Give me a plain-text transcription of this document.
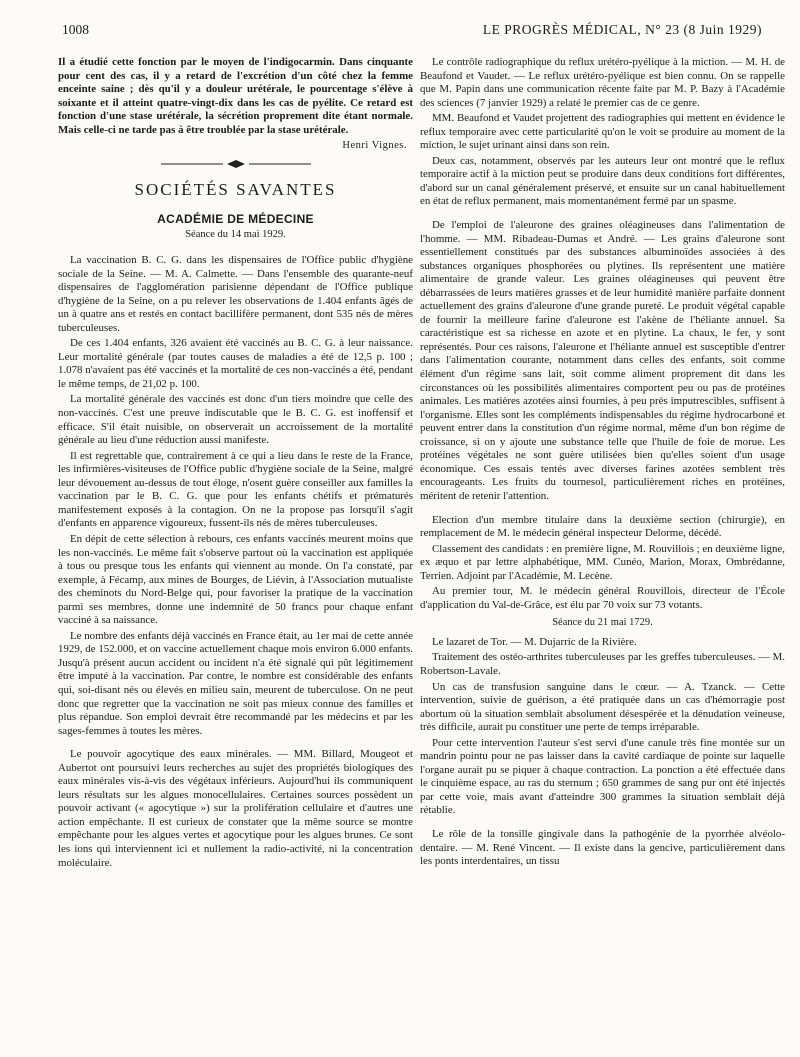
1008	LE PROGRÈS MÉDICAL, N° 23 (8 Juin 1929)

Il a étudié cette fonction par le moyen de l'indigocarmin. Dans cinquante pour cent des cas, il y a retard de l'excrétion d'un côté chez la femme enceinte saine ; dès qu'il y a douleur urétérale, le pourcentage s'élève à soixante et il atteint quatre-vingt-dix dans les cas de pyélite. Ce retard est fonction d'une stase urétérale, la sécrétion proprement dite étant normale. Mais celle-ci ne tarde pas à être troublée par la stase urétérale.

Henri Vignes.
SOCIÉTÉS SAVANTES
ACADÉMIE DE MÉDECINE
Séance du 14 mai 1929.

La vaccination B. C. G. dans les dispensaires de l'Office public d'hygiène sociale de la Seine. — M. A. Calmette. — Dans l'ensemble des quarante-neuf dispensaires de l'agglomération parisienne dépendant de l'Office publique d'hygiène de la Seine, on a pu relever les observations de 1.404 enfants âgés de un à quatre ans et restés en contact bacillifère permanent, dont 535 nés de mères tuberculeuses.

De ces 1.404 enfants, 326 avaient été vaccinés au B. C. G. à leur naissance. Leur mortalité générale (par toutes causes de maladies a été de 12,5 p. 100 ; 1.078 n'avaient pas été vaccinés et la mortalité de ces non-vaccinés a été, pendant le même temps, de 21,02 p. 100.

La mortalité générale des vaccinés est donc d'un tiers moindre que celle des non-vaccinés. C'est une preuve indiscutable que le B. C. G. est inoffensif et efficace. S'il était nuisible, on observerait un accroissement de la mortalité générale au lieu d'une réduction aussi manifeste.

Il est regrettable que, contrairement à ce qui a lieu dans le reste de la France, les infirmières-visiteuses de l'Office public d'hygiène sociale de la Seine, malgré leur dévouement au-dessus de tout éloge, n'osent guère conseiller aux familles la vaccination par le B. C. G. que pour les enfants chétifs et prématurés manifestement exposés à la contagion. On ne la propose pas lorsqu'il s'agit d'enfants en apparence vigoureux, fussent-ils nés de mères tuberculeuses.

En dépit de cette sélection à rebours, ces enfants vaccinés meurent moins que les non-vaccinés. Le même fait s'observe partout où la vaccination est appliquée à tous ou presque tous les enfants qui viennent au monde. On l'a constaté, par exemple, à Fécamp, aux mines de Bourges, de Liévin, à l'Association mutualiste des cheminots du Nord-Belge qui, pour favoriser la pratique de la vaccination parmi ses membres, donne une indemnité de 50 francs pour chaque enfant vacciné à sa naissance.

Le nombre des enfants déjà vaccinés en France était, au 1er mai de cette année 1929, de 152.000, et on vaccine actuellement chaque mois environ 6.000 enfants. Jusqu'à présent aucun accident ou incident n'a été signalé qui pût légitimement être imputé à la vaccination. Par contre, le nombre est considérable des enfants qui, soi-disant nés ou élevés en milieu sain, meurent de tuberculose. On ne peut donc que regretter que la vaccination ne soit pas mieux connue des familles et plus répandue. Son emploi devrait être recommandé par les médecins et par les sages-femmes à toutes les mères.

Le pouvoir agocytique des eaux minérales. — MM. Billard, Mougeot et Aubertot ont poursuivi leurs recherches au sujet des propriétés biologiques des eaux minérales vis-à-vis des végétaux inférieurs. Aujourd'hui ils communiquent leurs résultats sur les algues monocellulaires. Certaines sources possèdent un pouvoir activant (« agocytique ») sur la prolifération cellulaire et d'autres une action empêchante. Il est curieux de constater que la même source se montre empêchante pour les algues vertes et agocytique pour les algues brunes. Ce sont les ions qui interviennent ici et nullement la radio-activité, ni la concentration moléculaire.

Le contrôle radiographique du reflux urétéro-pyélique à la miction. — M. H. de Beaufond et Vaudet. — Le reflux urétéro-pyélique est bien connu. On se rappelle que M. Papin dans une communication récente faite par M. P. Bazy à l'Académie des sciences (7 janvier 1929) a relaté le premier cas de ce genre.

MM. Beaufond et Vaudet projettent des radiographies qui mettent en évidence le reflux temporaire avec cette particularité qu'on le voit se produire au moment de la miction, le sujet urinant ainsi dans son rein.

Deux cas, notamment, observés par les auteurs leur ont montré que le reflux temporaire actif à la miction peut se produire dans deux conditions fort différentes, d'abord sur un canal généralement préservé, et ensuite sur un canal habituellement en état de reflux permanent, mais momentanément fermé par un spasme.

De l'emploi de l'aleurone des graines oléagineuses dans l'alimentation de l'homme. — MM. Ribadeau-Dumas et André. — Les grains d'aleurone sont essentiellement constitués par des substances albuminoïdes associées à des substances organiques phosphorées ou plytines. Ils représentent une matière alimentaire de grande valeur. Les graines oléagineuses qui peuvent être débarrassées de leurs matières grasses et de leur humidité manière parfaite donnent actuellement des grains d'aleurone d'une grande pureté. Le produit végétal capable de fournir la meilleure farine d'aleurone est l'akène de l'héliante annuel. Sa caractéristique est sa richesse en azote et en plytine. La chaux, le fer, y sont représentés. Pour ces raisons, l'aleurone et l'héliante annuel est susceptible d'entrer dans l'alimentation courante, notamment dans celles des enfants, soit comme élément d'un régime sans lait, soit comme aliment proprement dit dans les circonstances où les possibilités alimentaires comportent peu ou pas de protéines animales. Les matières azotées ainsi fournies, à peu près imputrescibles, suffisent à l'organisme. Elles sont les compléments indispensables du régime hydrocarboné et peuvent entrer dans la constitution d'un régime normal, même d'un bon régime de croissance, si on y ajoute une substance telle que l'huile de foie de morue. Les protéines végétales ne sont guère utilisées bien qu'elles soient d'un usage économique. Ces essais tentés avec diverses farines azotées semblent très encourageants. Les fruits du tournesol, particulièrement riches en protéines, méritent de retenir l'attention.

Election d'un membre titulaire dans la deuxième section (chirurgie), en remplacement de M. le médecin général inspecteur Delorme, décédé.

Classement des candidats : en première ligne, M. Rouvillois ; en deuxième ligne, ex æquo et par lettre alphabétique, MM. Cunéo, Marion, Morax, Ombrédanne, Terrien. Adjoint par l'Académie, M. Lecène.

Au premier tour, M. le médecin général Rouvillois, directeur de l'École d'application du Val-de-Grâce, est élu par 70 voix sur 73 votants.

Séance du 21 mai 1729.

Le lazaret de Tor. — M. Dujarric de la Rivière.

Traitement des ostéo-arthrites tuberculeuses par les greffes tuberculeuses. — M. Robertson-Lavale.

Un cas de transfusion sanguine dans le cœur. — A. Tzanck. — Cette intervention, suivie de guérison, a été pratiquée dans un cas d'hémorragie post abortum où la situation semblait absolument désespérée et la dénudation veineuse, très difficile, aurait pu constituer une perte de temps irréparable.

Pour cette intervention l'auteur s'est servi d'une canule très fine montée sur un mandrin pointu pour ne pas laisser dans la cavité cardiaque de pointe sur laquelle l'organe aurait pu se piquer à chaque contraction. La ponction a été effectuée dans le cinquième espace, au ras du sternum ; 650 grammes de sang pur ont été injectés par cette voie, mais avant d'atteindre 300 grammes la situation semblait déjà rétablie.

Le rôle de la tonsille gingivale dans la pathogénie de la pyorrhée alvéolo-dentaire. — M. René Vincent. — Il existe dans la gencive, particulièrement dans les ponts interdentaires, un tissu
